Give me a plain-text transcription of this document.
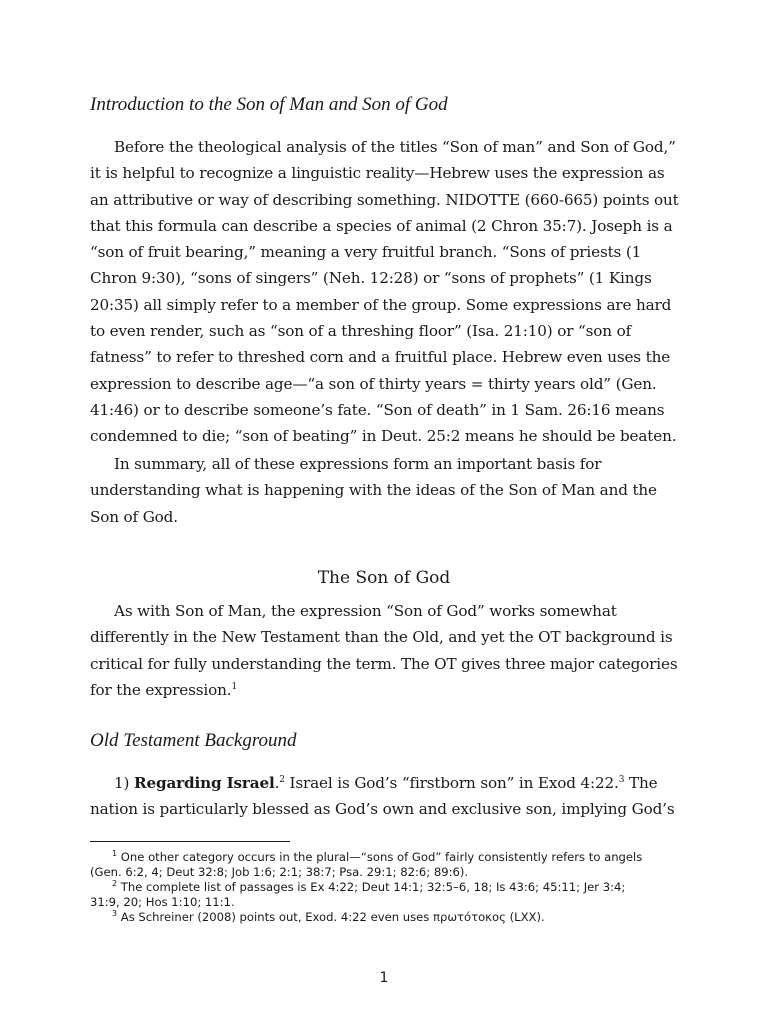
Introduction to the Son of Man and Son of God

Before the theological analysis of the titles “Son of man” and Son of God,” it is helpful to recognize a linguistic reality—Hebrew uses the expression as an attributive or way of describing something. NIDOTTE (660-665) points out that this formula can describe a species of animal (2 Chron 35:7). Joseph is a “son of fruit bearing,” meaning a very fruitful branch. “Sons of priests (1 Chron 9:30), “sons of singers” (Neh. 12:28) or “sons of prophets” (1 Kings 20:35) all simply refer to a member of the group. Some expressions are hard to even render, such as “son of a threshing floor” (Isa. 21:10) or “son of fatness” to refer to threshed corn and a fruitful place. Hebrew even uses the expression to describe age—“a son of thirty years = thirty years old” (Gen. 41:46) or to describe someone’s fate. “Son of death” in 1 Sam. 26:16 means condemned to die; “son of beating” in Deut. 25:2 means he should be beaten.

In summary, all of these expressions form an important basis for understanding what is happening with the ideas of the Son of Man and the Son of God.

The Son of God

As with Son of Man, the expression “Son of God” works somewhat differently in the New Testament than the Old, and yet the OT background is critical for fully understanding the term. The OT gives three major categories for the expression.$^1$

Old Testament Background

1) Regarding Israel.$^2$ Israel is God’s “firstborn son” in Exod 4:22.$^3$ The nation is particularly blessed as God’s own and exclusive son, implying God’s

$^1$ One other category occurs in the plural—“sons of God” fairly consistently refers to angels (Gen. 6:2, 4; Deut 32:8; Job 1:6; 2:1; 38:7; Psa. 29:1; 82:6; 89:6).

$^2$ The complete list of passages is Ex 4:22; Deut 14:1; 32:5–6, 18; Is 43:6; 45:11; Jer 3:4; 31:9, 20; Hos 1:10; 11:1.

$^3$ As Schreiner (2008) points out, Exod. 4:22 even uses πρωτότοκος (LXX).

1
